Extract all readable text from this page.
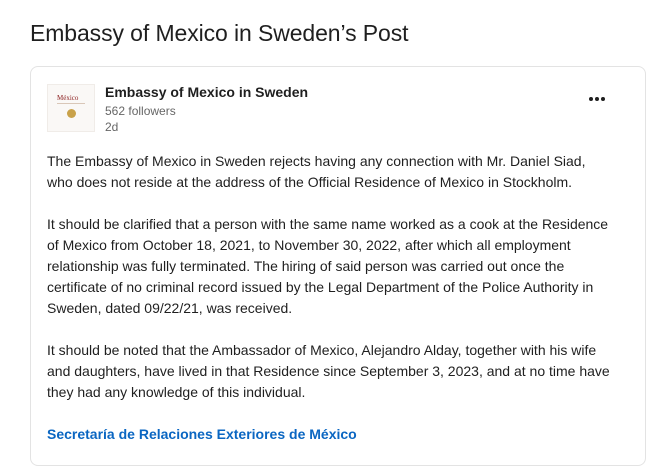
Embassy of Mexico in Sweden’s Post
México Embassy of Mexico in Sweden
562 followers
2d

The Embassy of Mexico in Sweden rejects having any connection with Mr. Daniel Siad,
who does not reside at the address of the Official Residence of Mexico in Stockholm.

It should be clarified that a person with the same name worked as a cook at the Residence
of Mexico from October 18, 2021, to November 30, 2022, after which all employment
relationship was fully terminated. The hiring of said person was carried out once the
certificate of no criminal record issued by the Legal Department of the Police Authority in
Sweden, dated 09/22/21, was received.

It should be noted that the Ambassador of Mexico, Alejandro Alday, together with his wife
and daughters, have lived in that Residence since September 3, 2023, and at no time have
they had any knowledge of this individual.

Secretaría de Relaciones Exteriores de México
